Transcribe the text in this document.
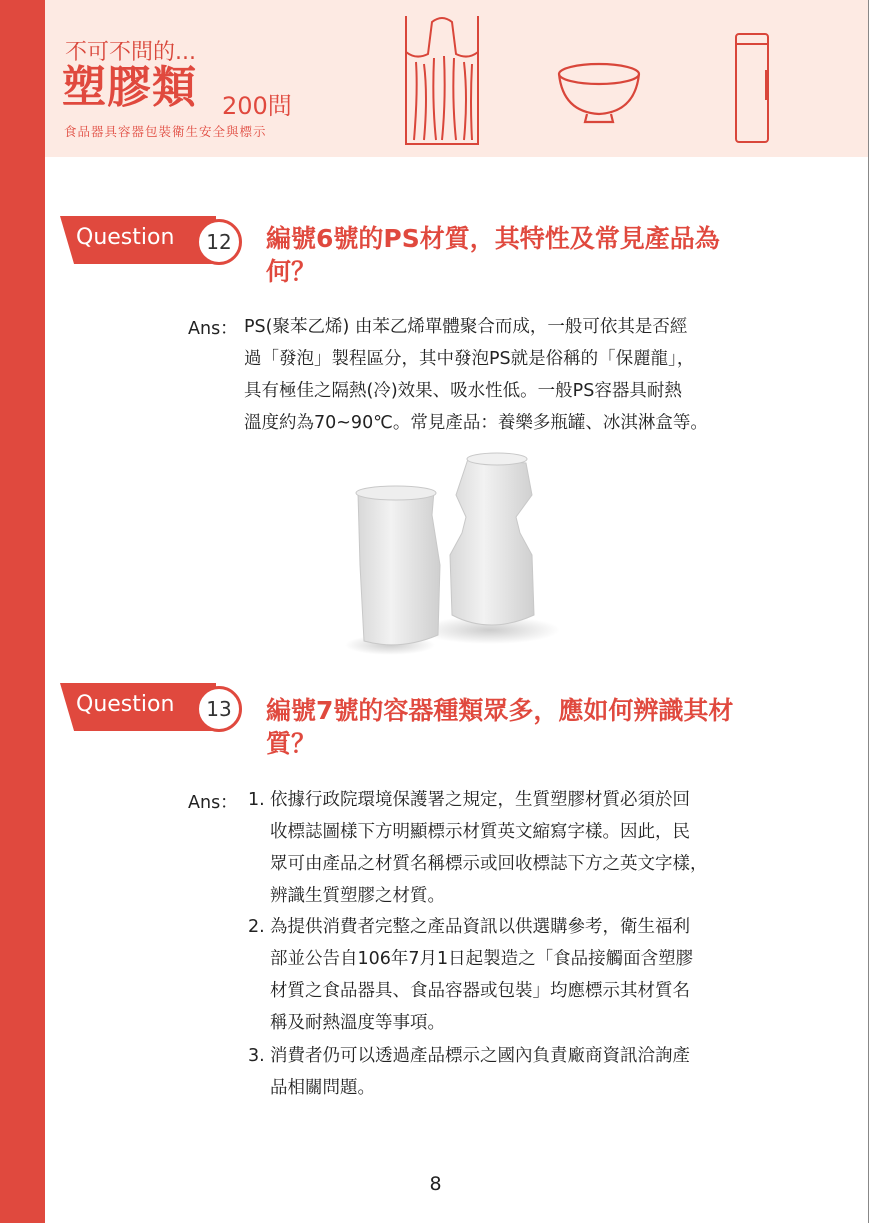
不可不問的...
塑膠類 200問
食品器具容器包裝衛生安全與標示
Question	12	編號6號的PS材質，其特性及常見產品為何？
Ans： PS(聚苯乙烯) 由苯乙烯單體聚合而成，一般可依其是否經

過「發泡」製程區分，其中發泡PS就是俗稱的「保麗龍」，

具有極佳之隔熱(冷)效果、吸水性低。一般PS容器具耐熱

溫度約為70~90℃。常見產品：養樂多瓶罐、冰淇淋盒等。

Question	13	編號7號的容器種類眾多，應如何辨識其材質？
Ans： 1. 依據行政院環境保護署之規定，生質塑膠材質必須於回
收標誌圖樣下方明顯標示材質英文縮寫字樣。因此，民
眾可由產品之材質名稱標示或回收標誌下方之英文字樣，
辨識生質塑膠之材質。
2. 為提供消費者完整之產品資訊以供選購參考，衛生福利
部並公告自106年7月1日起製造之「食品接觸面含塑膠
材質之食品器具、食品容器或包裝」均應標示其材質名
稱及耐熱溫度等事項。
3. 消費者仍可以透過產品標示之國內負責廠商資訊洽詢產
品相關問題。
8
